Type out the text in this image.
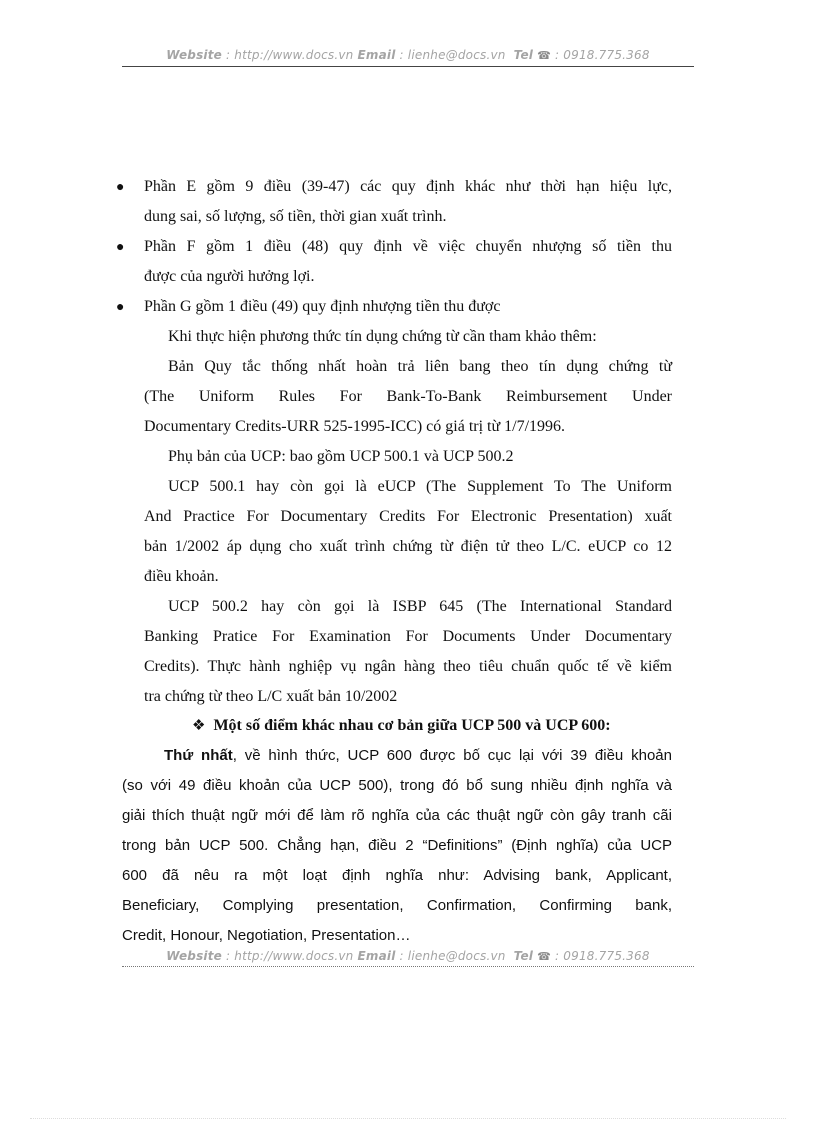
Website : http://www.docs.vn Email : lienhe@docs.vn  Tel ☎ : 0918.775.368
● Phần E gồm 9 điều (39-47) các quy định khác như thời hạn hiệu lực,
dung sai, số lượng, số tiền, thời gian xuất trình.
● Phần F gồm 1 điều (48) quy định về việc chuyển nhượng số tiền thu
được của người hưởng lợi.
● Phần G gồm 1 điều (49) quy định nhượng tiền thu được
Khi thực hiện phương thức tín dụng chứng từ cần tham khảo thêm:
Bản Quy tắc thống nhất hoàn trả liên bang theo tín dụng chứng từ
(The Uniform Rules For Bank-To-Bank Reimbursement Under
Documentary Credits-URR 525-1995-ICC) có giá trị từ 1/7/1996.
Phụ bản của UCP: bao gồm UCP 500.1 và UCP 500.2
UCP 500.1 hay còn gọi là eUCP (The Supplement To The Uniform
And Practice For Documentary Credits For Electronic Presentation) xuất
bản 1/2002 áp dụng cho xuất trình chứng từ điện tử theo L/C. eUCP co 12
điều khoản.
UCP 500.2 hay còn gọi là ISBP 645 (The International Standard
Banking Pratice For Examination For Documents Under Documentary
Credits). Thực hành nghiệp vụ ngân hàng theo tiêu chuẩn quốc tế về kiểm
tra chứng từ theo L/C xuất bản 10/2002
❖ Một số điểm khác nhau cơ bản giữa UCP 500 và UCP 600:
Thứ nhất, về hình thức, UCP 600 được bố cục lại với 39 điều khoản
(so với 49 điều khoản của UCP 500), trong đó bổ sung nhiều định nghĩa và
giải thích thuật ngữ mới để làm rõ nghĩa của các thuật ngữ còn gây tranh cãi
trong bản UCP 500. Chẳng hạn, điều 2 “Definitions” (Định nghĩa) của UCP
600 đã nêu ra một loạt định nghĩa như: Advising bank, Applicant,
Beneficiary, Complying presentation, Confirmation, Confirming bank,
Credit, Honour, Negotiation, Presentation…
Website : http://www.docs.vn Email : lienhe@docs.vn  Tel ☎ : 0918.775.368
